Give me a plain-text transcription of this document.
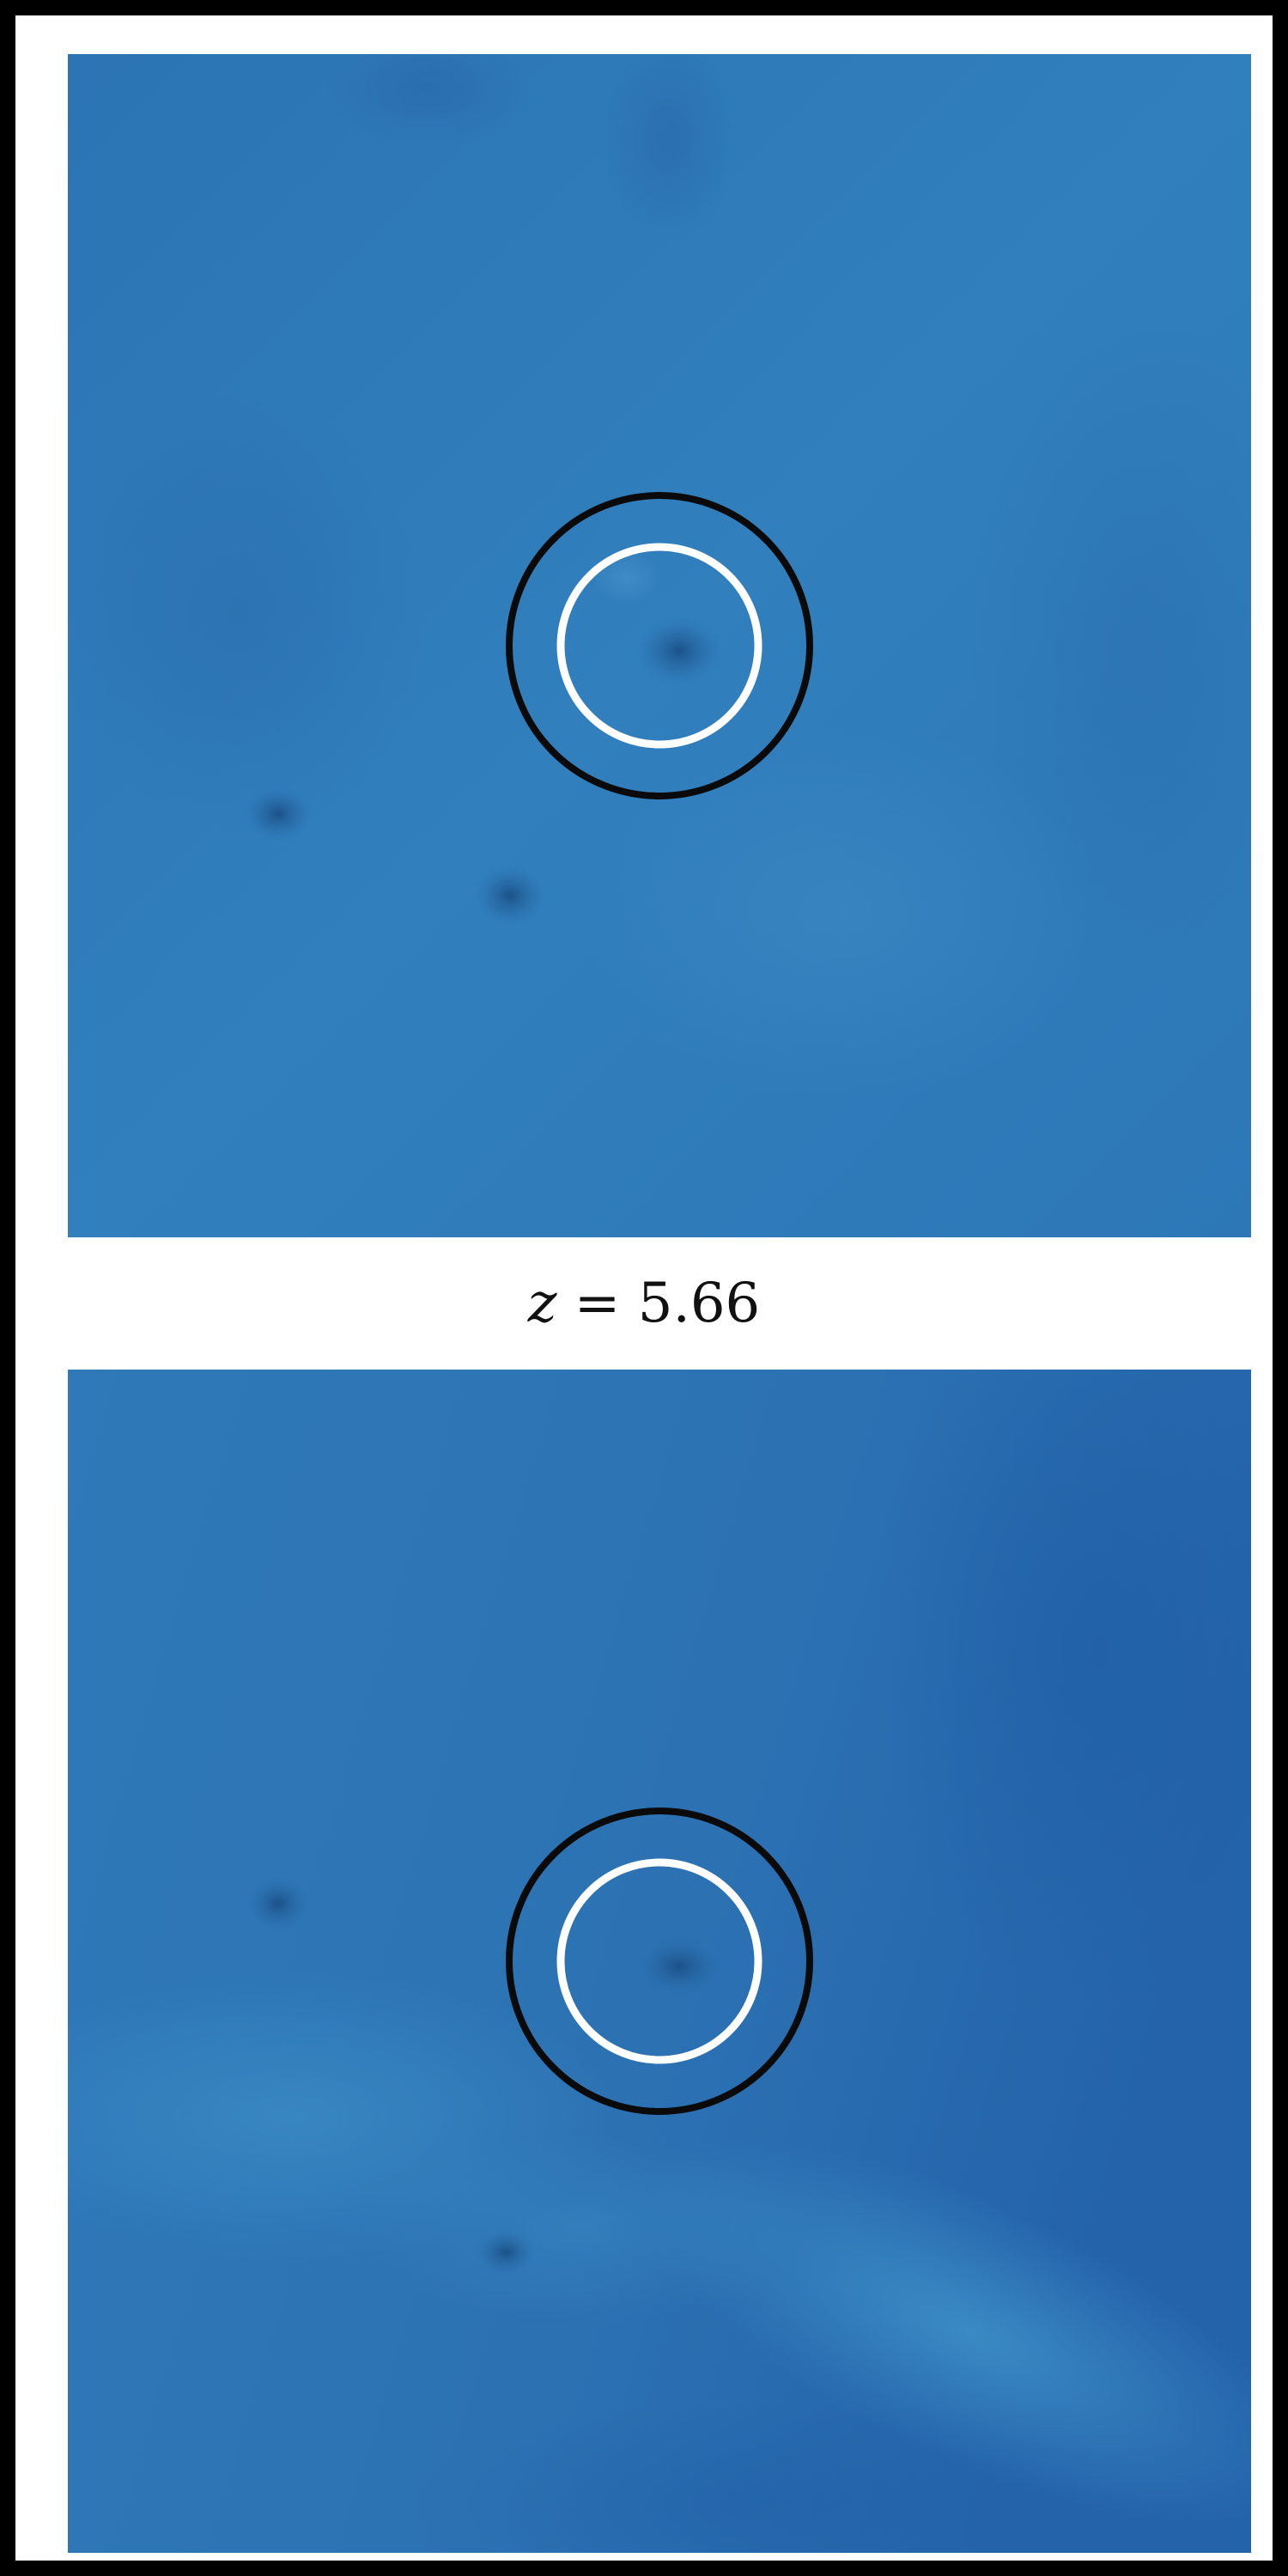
z = 5.66
